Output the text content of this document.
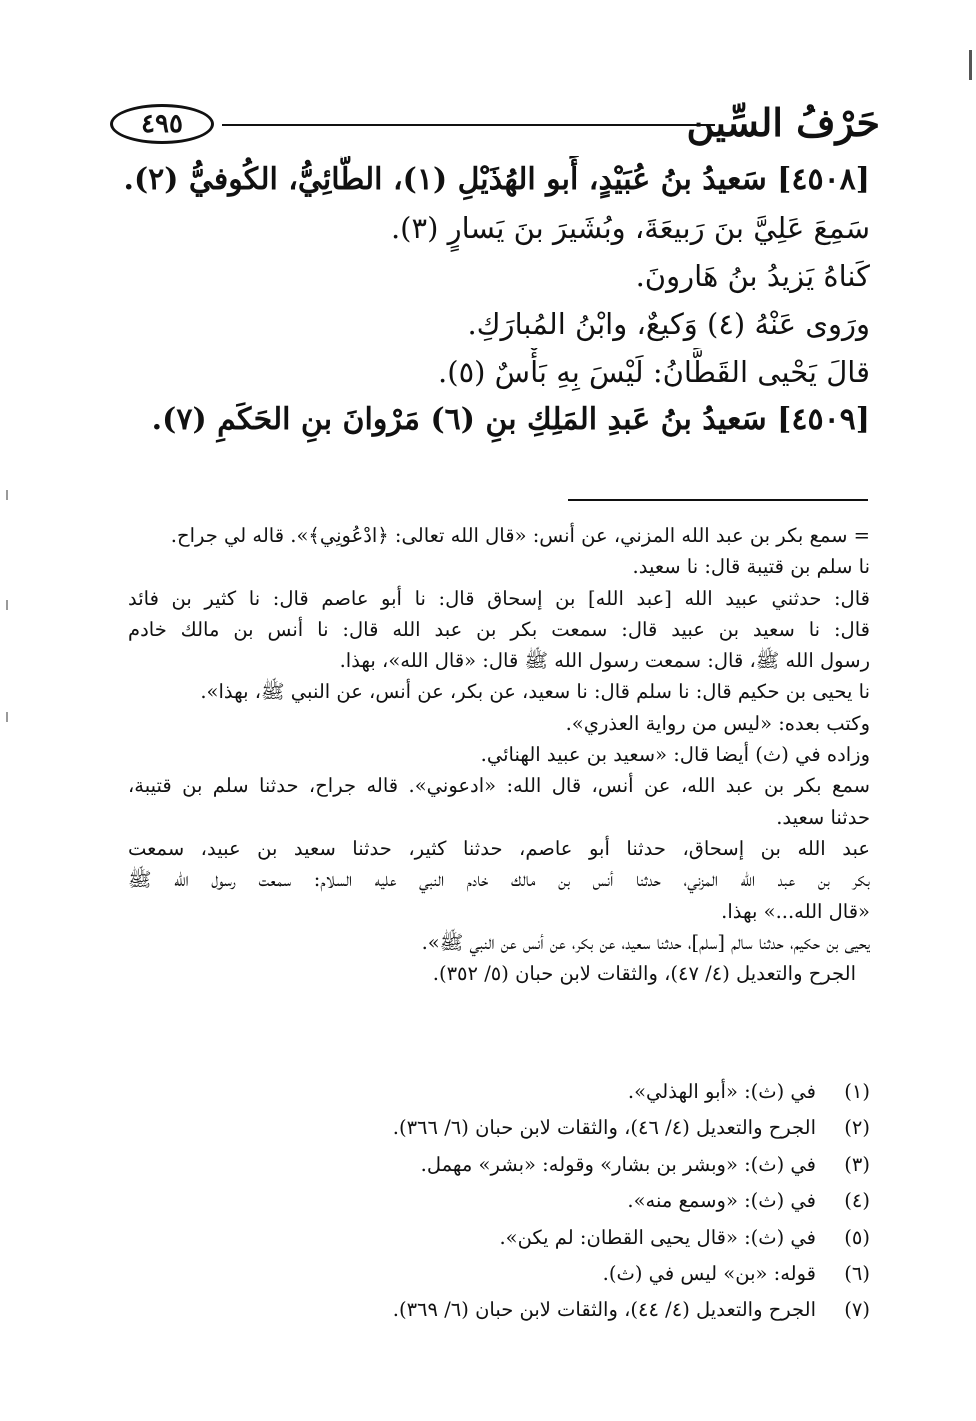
حَرْفُ السِّين
٤٩٥
[٤٥٠٨] سَعيدُ بنُ عُبَيْدٍ، أَبو الهُذَيْلِ (١)، الطَّائِيُّ، الكُوفيُّ (٢).
سَمِعَ عَلِيَّ بنَ رَبيعَةَ، وبُشَيرَ بنَ يَسارٍ (٣).
كَناهُ يَزيدُ بنُ هَارونَ.
ورَوى عَنْهُ (٤) وَكيعٌ، وابْنُ المُبارَكِ.
قالَ يَحْيى القَطَّانُ: لَيْسَ بِهِ بَأْسٌ (٥).
[٤٥٠٩] سَعيدُ بنُ عَبدِ المَلِكِ بنِ (٦) مَرْوانَ بنِ الحَكَمِ (٧).
= سمع بكر بن عبد الله المزني، عن أنس: «قال الله تعالى: ﴿ادْعُونِي﴾». قاله لي جراح.
نا سلم بن قتيبة قال: نا سعيد.
قال: حدثني عبيد الله [عبد الله] بن إسحاق قال: نا أبو عاصم قال: نا كثير بن فائد
قال: نا سعيد بن عبيد قال: سمعت بكر بن عبد الله قال: نا أنس بن مالك خادم
رسول الله ﷺ، قال: سمعت رسول الله ﷺ قال: «قال الله»، بهذا.
نا يحيى بن حكيم قال: نا سلم قال: نا سعيد، عن بكر، عن أنس، عن النبي ﷺ، بهذا».
وكتب بعده: «ليس من رواية العذري».
وزاده في (ث) أيضا قال: «سعيد بن عبيد الهنائي.
سمع بكر بن عبد الله، عن أنس، قال الله: «ادعوني». قاله جراح، حدثنا سلم بن قتيبة،
حدثنا سعيد.
عبد الله بن إسحاق، حدثنا أبو عاصم، حدثنا كثير، حدثنا سعيد بن عبيد، سمعت
بكر بن عبد الله المزني، حدثنا أنس بن مالك خادم النبي عليه السلام: سمعت رسول الله ﷺ
«قال الله...» بهذا.
يحيى بن حكيم، حدثنا سالم [سلم]، حدثنا سعيد، عن بكر، عن أنس عن النبي ﷺ».
الجرح والتعديل (٤/ ٤٧)، والثقات لابن حبان (٥/ ٣٥٢).
(١)
في (ث): «أبو الهذلي».
(٢)
الجرح والتعديل (٤/ ٤٦)، والثقات لابن حبان (٦/ ٣٦٦).
(٣)
في (ث): «وبشر بن بشار» وقوله: «بشر» مهمل.
(٤)
في (ث): «وسمع منه».
(٥)
في (ث): «قال يحيى القطان: لم يكن».
(٦)
قوله: «بن» ليس في (ث).
(٧)
الجرح والتعديل (٤/ ٤٤)، والثقات لابن حبان (٦/ ٣٦٩).
